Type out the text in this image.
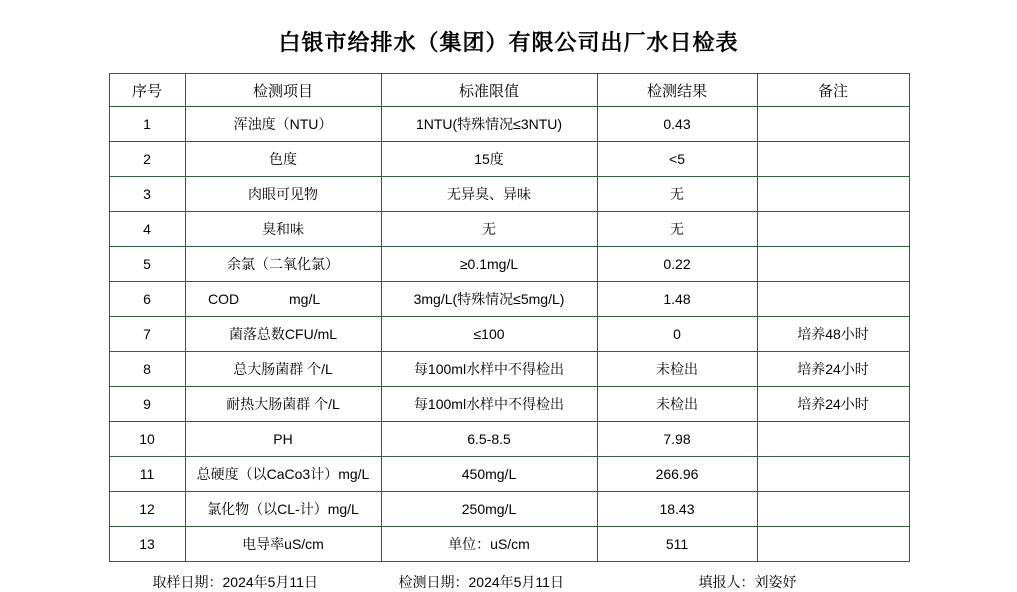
白银市给排水（集团）有限公司出厂水日检表
序号	检测项目	标准限值	检测结果	备注
1	浑浊度（NTU）	1NTU(特殊情况≤3NTU)	0.43	
2	色度	15度	<5	
3	肉眼可见物	无异臭、异味	无	
4	臭和味	无	无	
5	余氯（二氧化氯）	≥0.1mg/L	0.22	
6	COD mg/L	3mg/L(特殊情况≤5mg/L)	1.48	
7	菌落总数CFU/mL	≤100	0	培养48小时
8	总大肠菌群 个/L	每100ml水样中不得检出	未检出	培养24小时
9	耐热大肠菌群 个/L	每100ml水样中不得检出	未检出	培养24小时
10	PH	6.5-8.5	7.98	
11	总硬度（以CaCo3计）mg/L	450mg/L	266.96	
12	氯化物（以CL-计）mg/L	250mg/L	18.43	
13	电导率uS/cm	单位：uS/cm	511	
取样日期：2024年5月11日	检测日期：2024年5月11日	填报人：刘姿妤
